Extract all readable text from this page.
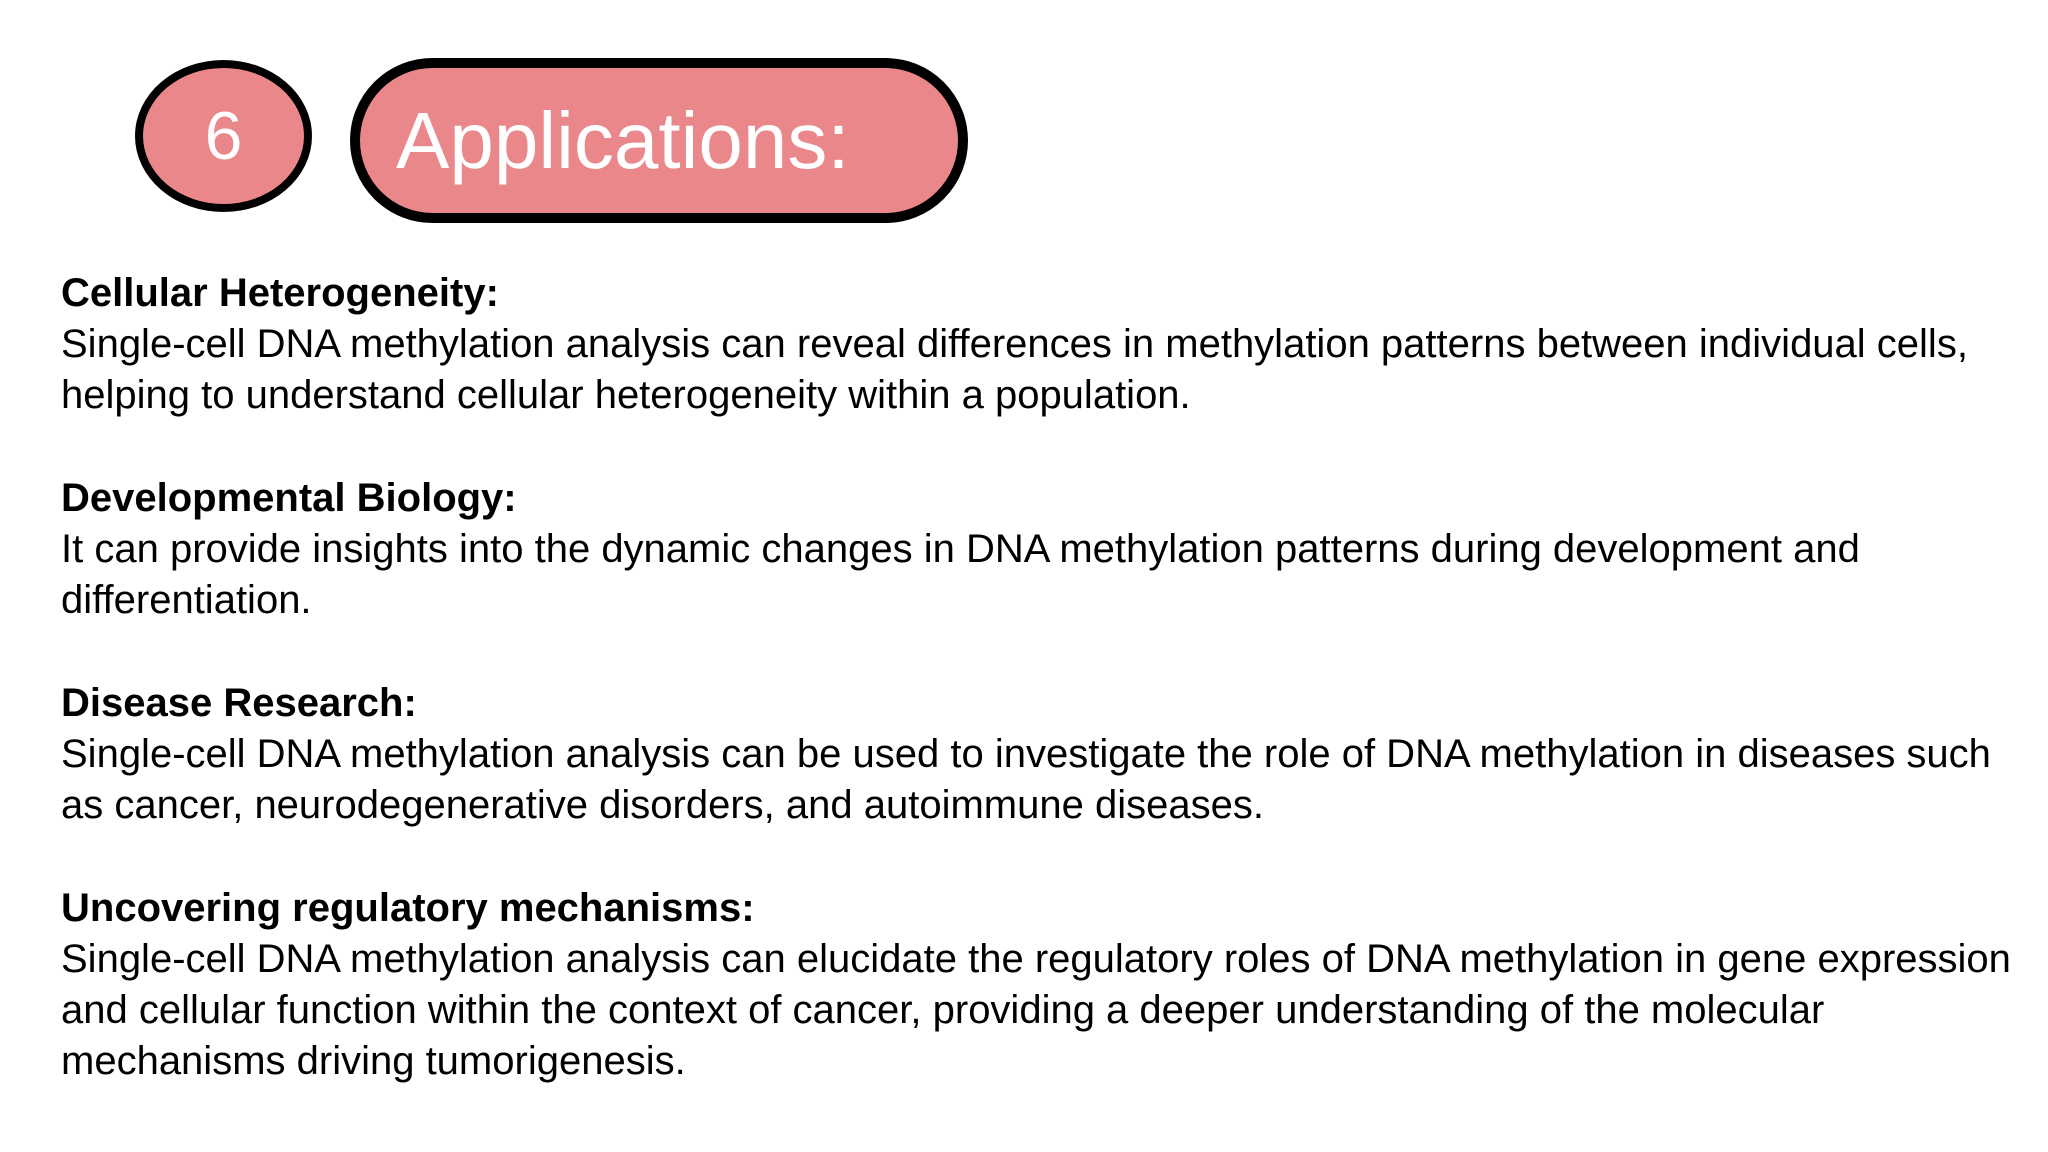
6 Applications:

Cellular Heterogeneity:

Single-cell DNA methylation analysis can reveal differences in methylation patterns between individual cells, helping to understand cellular heterogeneity within a population.

Developmental Biology:

It can provide insights into the dynamic changes in DNA methylation patterns during development and differentiation.

Disease Research:

Single-cell DNA methylation analysis can be used to investigate the role of DNA methylation in diseases such as cancer, neurodegenerative disorders, and autoimmune diseases.

Uncovering regulatory mechanisms:

Single-cell DNA methylation analysis can elucidate the regulatory roles of DNA methylation in gene expression and cellular function within the context of cancer, providing a deeper understanding of the molecular mechanisms driving tumorigenesis.
